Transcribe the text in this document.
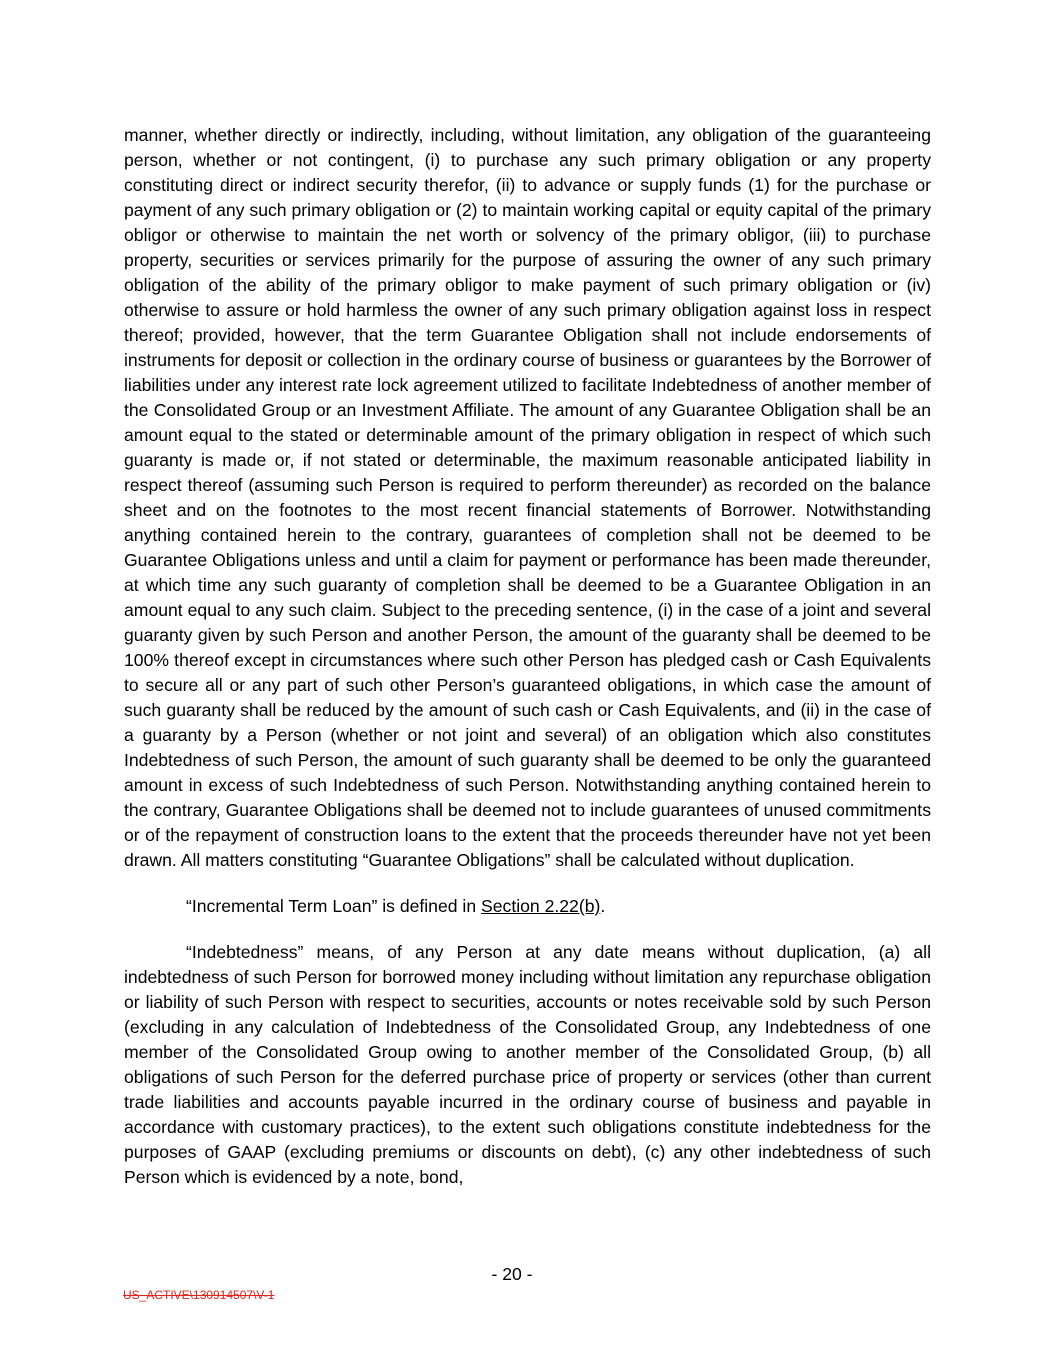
manner, whether directly or indirectly, including, without limitation, any obligation of the guaranteeing person, whether or not contingent, (i) to purchase any such primary obligation or any property constituting direct or indirect security therefor, (ii) to advance or supply funds (1) for the purchase or payment of any such primary obligation or (2) to maintain working capital or equity capital of the primary obligor or otherwise to maintain the net worth or solvency of the primary obligor, (iii) to purchase property, securities or services primarily for the purpose of assuring the owner of any such primary obligation of the ability of the primary obligor to make payment of such primary obligation or (iv) otherwise to assure or hold harmless the owner of any such primary obligation against loss in respect thereof; provided, however, that the term Guarantee Obligation shall not include endorsements of instruments for deposit or collection in the ordinary course of business or guarantees by the Borrower of liabilities under any interest rate lock agreement utilized to facilitate Indebtedness of another member of the Consolidated Group or an Investment Affiliate. The amount of any Guarantee Obligation shall be an amount equal to the stated or determinable amount of the primary obligation in respect of which such guaranty is made or, if not stated or determinable, the maximum reasonable anticipated liability in respect thereof (assuming such Person is required to perform thereunder) as recorded on the balance sheet and on the footnotes to the most recent financial statements of Borrower. Notwithstanding anything contained herein to the contrary, guarantees of completion shall not be deemed to be Guarantee Obligations unless and until a claim for payment or performance has been made thereunder, at which time any such guaranty of completion shall be deemed to be a Guarantee Obligation in an amount equal to any such claim. Subject to the preceding sentence, (i) in the case of a joint and several guaranty given by such Person and another Person, the amount of the guaranty shall be deemed to be 100% thereof except in circumstances where such other Person has pledged cash or Cash Equivalents to secure all or any part of such other Person’s guaranteed obligations, in which case the amount of such guaranty shall be reduced by the amount of such cash or Cash Equivalents, and (ii) in the case of a guaranty by a Person (whether or not joint and several) of an obligation which also constitutes Indebtedness of such Person, the amount of such guaranty shall be deemed to be only the guaranteed amount in excess of such Indebtedness of such Person. Notwithstanding anything contained herein to the contrary, Guarantee Obligations shall be deemed not to include guarantees of unused commitments or of the repayment of construction loans to the extent that the proceeds thereunder have not yet been drawn. All matters constituting “Guarantee Obligations” shall be calculated without duplication.

“Incremental Term Loan” is defined in Section 2.22(b).

“Indebtedness” means, of any Person at any date means without duplication, (a) all indebtedness of such Person for borrowed money including without limitation any repurchase obligation or liability of such Person with respect to securities, accounts or notes receivable sold by such Person (excluding in any calculation of Indebtedness of the Consolidated Group, any Indebtedness of one member of the Consolidated Group owing to another member of the Consolidated Group, (b) all obligations of such Person for the deferred purchase price of property or services (other than current trade liabilities and accounts payable incurred in the ordinary course of business and payable in accordance with customary practices), to the extent such obligations constitute indebtedness for the purposes of GAAP (excluding premiums or discounts on debt), (c) any other indebtedness of such Person which is evidenced by a note, bond,

- 20 -
US_ACTIVE\130914507\V-1
